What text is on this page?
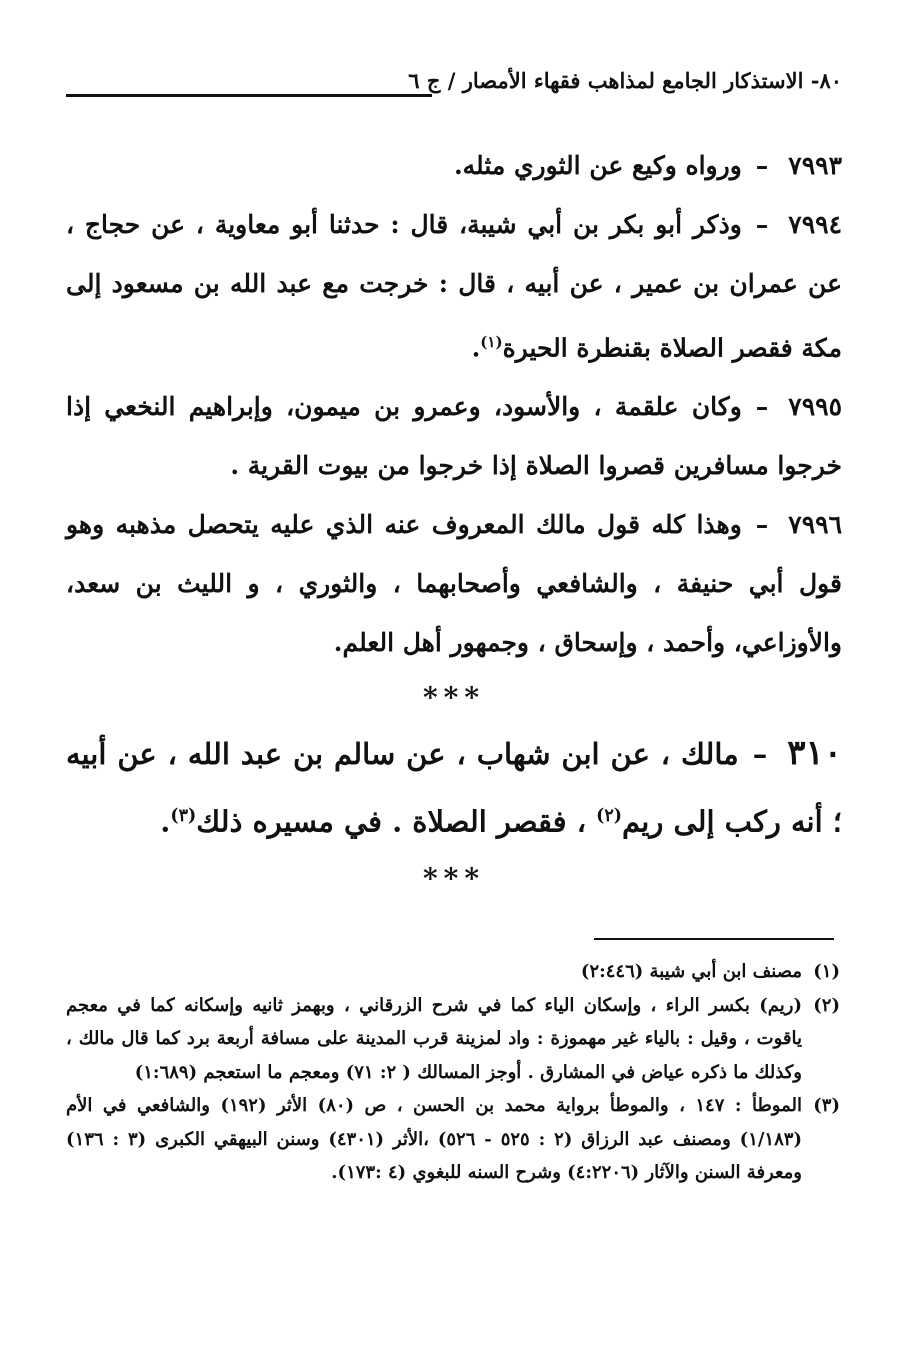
٨٠- الاستذكار الجامع لمذاهب فقهاء الأمصار / ج ٦

٧٩٩٣–ورواه وكيع عن الثوري مثله.

٧٩٩٤–وذكر أبو بكر بن أبي شيبة، قال : حدثنا أبو معاوية ، عن حجاج ، عن عمران بن عمير ، عن أبيه ، قال : خرجت مع عبد الله بن مسعود إلى مكة فقصر الصلاة بقنطرة الحيرة$^{(١)}$.

٧٩٩٥–وكان علقمة ، والأسود، وعمرو بن ميمون، وإبراهيم النخعي إذا خرجوا مسافرين قصروا الصلاة إذا خرجوا من بيوت القرية .

٧٩٩٦–وهذا كله قول مالك المعروف عنه الذي عليه يتحصل مذهبه وهو قول أبي حنيفة ، والشافعي وأصحابهما ، والثوري ، و الليث بن سعد، والأوزاعي، وأحمد ، وإسحاق ، وجمهور أهل العلم.

***

٣١٠–مالك ، عن ابن شهاب ، عن سالم بن عبد الله ، عن أبيه ؛ أنه ركب إلى ريم$^{(٢)}$ ، فقصر الصلاة . في مسيره ذلك$^{(٣)}$.

***

(١)مصنف ابن أبي شيبة (٢:٤٤٦)

(٢)(ريم) بكسر الراء ، وإسكان الياء كما في شرح الزرقاني ، وبهمز ثانيه وإسكانه كما في معجم ياقوت ، وقيل : بالياء غير مهموزة : واد لمزينة قرب المدينة على مسافة أربعة برد كما قال مالك ، وكذلك ما ذكره عياض في المشارق . أوجز المسالك ( ٢: ٧١) ومعجم ما استعجم (١:٦٨٩)

(٣)الموطأ : ١٤٧ ، والموطأ برواية محمد بن الحسن ، ص (٨٠) الأثر (١٩٢) والشافعي في الأم (١/١٨٣) ومصنف عبد الرزاق (٢ : ٥٢٥ - ٥٢٦) ،الأثر (٤٣٠١) وسنن البيهقي الكبرى (٣ : ١٣٦) ومعرفة السنن والآثار (٤:٢٢٠٦) وشرح السنه للبغوي (٤ :١٧٣).
